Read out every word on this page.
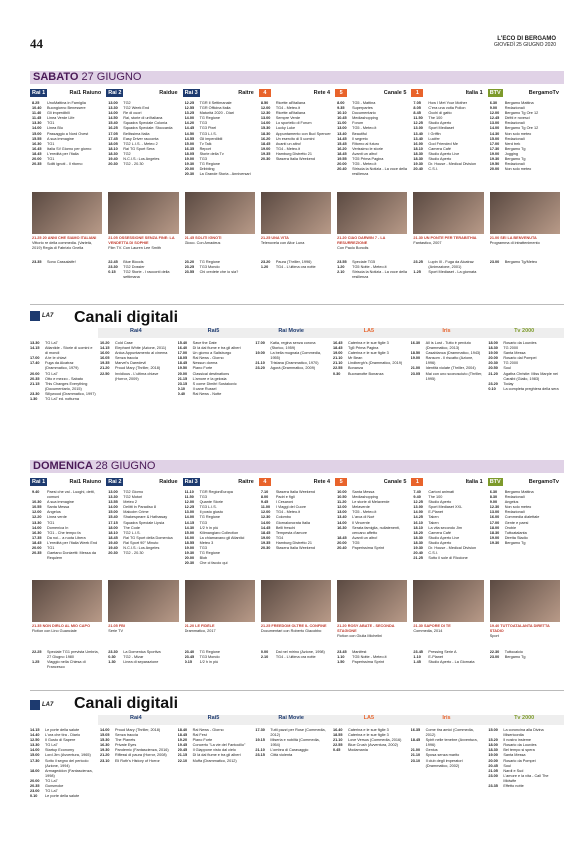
44	L'ECO DI BERGAMO
GIOVEDÌ 25 GIUGNO 2020
SABATO 27 GIUGNO
Rai 1	Rai1 Raiuno	Rai 2	Raidue	Rai 3	Raitre	4	Rete 4	5	Canale 5	1	Italia 1	BTV	BergamoTv
8.25	UnoMattina in Famiglia
10.40	Buongiorno Benessere
11.40	Gli imperdibili
11.45	Linea Verde Life
13.30	TG1
14.00	Linea Blu
15.00	Passaggio a Nord Ovest
15.55	A sua immagine
16.30	TG1
16.45	Italia Sì! Giorno per giorno
18.45	L'eredità per l'Italia
20.00	TG1
20.35	Soliti ignoti - Il ritorno
21.25 20 ANNI CHE SIAMO ITALIANI
Vittorio re della commedia. (Varietà, 2019) Regia di Fabrizio Gnella
23.35	Sono Cassalaife!
13.00	TG2
13.30	TG2 Week End
14.00	Re di cuori
14.50	Rai, storie di un'italiana
15.40	Squadra Speciale Colonia
16.25	Squadra Speciale: Stoccarda
17.05	Bellissima Italia
17.45	Easy Driver racconta
18.05	TG2 L.I.S. - Meteo 2
18.10	Rai TG Sport Sera
18.30	TG2
19.40	N.C.I.S.: Los Angeles
20.30	TG2 - 20.30
21.05 OSSESSIONE SENZA FINE: LA VENDETTA DI SOPHIE
Film TV. Con Lauren Lee Smith
22.45	Blue Bloods
23.30	TG2 Dossier
0.15	TG2 Storie - I racconti della settimana
12.25	TGR Il Settimanale
12.55	TGR Officina Italia
13.25	Maturità 2020 - Diari
14.00	TG Regione
14.20	TG3
14.45	TG3 Pixel
14.50	TG3 L.I.S.
14.55	Gli imperdibili
15.00	Tv Talk
16.35	Report
18.05	Storie della Tv
19.00	TG3
19.30	TG Regione
20.00	Dribbling
20.30	La Grande Storia - Anniversari
21.45 SOLITI IGNOTI
Gioco. Con Amadeus
23.20	TG Regione
23.25	TG3 Mondo
23.55	Chi credete che io sia?
8.50	Ricette all'italiana
12.00	TG4 - Meteo.it
12.30	Ricette all'italiana
13.00	Sempre Verde
14.00	Lo sportello di Forum
15.30	Lucky Luke
18.30	Appuntamento con Bud Spencer
16.20	Un esercito di 5 uomini
18.45	Avanti un altro!
19.00	TG4 - Meteo.it
19.35	Hamburg Distretto 21
20.30	Stasera Italia Weekend
21.25 UNA VITA
Telenovela con Aitor Luna
23.20	Paura (Thriller, 1996)
1.20	TG4 - L'ultima ora notte
8.00	TG5 - Mattina
9.35	Superpartes
10.10	Documentario
10.45	Mediashopping
11.00	Forum
13.00	TG5 - Meteo.it
13.40	Beautiful
14.45	Il segreto
15.45	Ritorno al futuro
16.20	Verissimo le storie
18.45	Avanti un altro!
19.55	TG5 Prima Pagina
20.00	TG5 - Meteo.it
20.40	Striscia la Notizia - La voce della resilienza
21.20 CIAO DARWIN 7 - LA RESURREZIONE
Con Paolo Bonolis
23.55	Speciale TG5
1.20	TG5 Notte - Meteo.it
2.10	Striscia la Notizia - La voce della resilienza
7.05	How I Met Your Mother
8.05	C'era una volta Pollon
8.45	Occhi di gatto
11.50	The 100
12.25	Studio Aperto
13.00	Sport Mediaset
13.40	I Griffin
13.40	Lucifer
16.00	God Friended Me
18.10	Camera Café
18.30	Studio Aperto Live
18.30	Studio Aperto
19.30	Dr. House - Medical Division
20.40	C.S.I.
21.30 UN PONTE PER TERABITHIA
Fantastico, 2007
23.25	Lupin III - Fuga da Alcatraz (Animazione, 2001)
1.25	Sport Mediaset - La giornata
6.30	Bergamo Mattina
9.00	Redazionali
12.00	Bergamo Tg Ore 12
12.45	Diritti e rovesci
13.00	Redazionali
14.00	Bergamo Tg Ore 12
14.30	Non solo meteo
15.00	Redazionali
17.00	Nerd trek
17.30	Bergamo Tg
19.00	Jogging
19.30	Bergamo Tg
19.50	Redazionali
20.00	Non solo meteo
21.00 SEI LA BENVENUTA
Programma di intrattenimento
23.00	Bergamo Tg/Meteo
LA7 Canali digitali
Rai4	Rai5	Rai Movie	LA5	Iris	Tv 2000
13.30	TG La7
14.15	Atlantide - Storie di uomini e di mondi
17.00	A te le chiavi
17.40	Fuga da Alcatraz (Drammatico, 1979)
20.00	TG La7
20.35	Otto e mezzo - Sabato
21.15	This Changes Everything (Documentario, 2015)
23.30	Sillywood (Drammatico, 1997)
1.30	TG La7 ed. notturna
10.20	Cold Case
14.15	Elephant White (Azione, 2011)
16.00	Anica Appuntamento al cinema
16.05	Senza traccia
19.35	Marvel's Daredevil
21.20	Proud Mary (Thriller, 2018)
22.50	Invidious - L'ultima chiave (Horror, 2009)
15.40	Save the Date
16.40	Di là dal fiume e tra gli alberi
17.00	Un giorno a Salisburgo
18.05	Rai News - Giorno
18.45	Nessun dorma
19.50	Piano Forte
20.00	Classical destinations
21.15	L'amore e la gelosia
23.15	S come Dimitri Sostakovic
0.10	Il cane Russel
0.40	Rai News - Notte
17.00	Katia, regina senza corona (Storico, 1959)
19.00	La bella mugnaia (Commedia, 1955)
21.10	Tristana (Drammatico, 1970)
23.20	Agorà (Drammatico, 2009)
16.45	Caterina e le sue figlie 3
18.45	Tg5 Prima Pagina
19.00	Caterina e le sue figlie 3
21.10	Mr Bean
21.10	Lindbergh's (Drammatico, 2019)
22.55	Bonanza
0.30	Buonanotte Bonanza
16.30	All is Lost - Tutto è perduto (Drammatico, 2013)
18.50	Casablanca (Drammatico, 1943)
19.00	Ransom - Il riscatto (Azione, 1996)
21.00	Identità violate (Thriller, 2004)
23.05	Mai con uno sconosciuto (Thriller, 1995)
18.00	Rosario da Lourdes
18.30	TG 2000
19.00	Santa Messa
20.00	Rosario dal Pompei
20.30	TG 2000
20.50	Soul
21.20	Agatha Christie: Miss Marple nei Caraibi (Giallo, 1983)
23.20	Today
0.10	La completa preghiera della sera
DOMENICA 28 GIUGNO
Rai 1	Rai1 Raiuno	Rai 2	Raidue	Rai 3	Raitre	4	Rete 4	5	Canale 5	1	Italia 1	BTV	BergamoTv
9.40	Paesi che vai - Luoghi, detti, comuni
10.30	A sua immagine
10.55	Santa Messa
12.00	Angelus
12.20	Linea verde
13.30	TG1
14.00	Domenica In
16.30	TG1 - Che tempo fa
17.35	Da noi... a ruota Libera
18.45	L'eredità per l'Italia Week End
20.00	TG1
20.35	Gaetano Donizetti: Messa da Requiem
21.35 NON DIRLO AL MIO CAPO
Fiction con Lino Guanciale
22.25	Speciale TG1 prevista Umbria, 27 Giugno 1980
1.25	Viaggio nella Chiesa di Francesco
13.00	TG2 Giorno
13.30	TG2 Motori
13.55	Meteo 2
14.00	Delitti in Paradiso 8
15.00	Malcolm Crime
15.40	Shakespeare & Hathaway
17.15	Squadra Speciale Lipsia
18.00	The Code
18.10	TG2 L.I.S.
18.45	Rai TG Sport della Domenica
19.40	Rai Sport 90° Minuto
19.40	N.C.I.S.: Los Angeles
20.30	TG2 - 20.30
21.05 FBI
Serie TV
23.30	La Domenica Sportiva
0.30	TG2 - Mizar
1.30	Linea di separazione
11.10	TGR RegionEuropa
11.50	TG3
12.00	Quante Storie
12.25	TG3 L.I.S.
13.00	Il posto giusto
14.00	TG Regione
14.15	TG3
14.30	1/2 h in più
15.00	Kilimangiaro Collection
16.00	La chiamavano gli Atlantici
18.55	Meteo 3
19.00	TG3
19.30	TG Regione
20.00	Blob
20.30	Che ci faccio qui
21.20 LE FIDÈLE
Drammatico, 2017
23.40	TG Regione
23.45	TG3 Mondo
0.15	1/2 h in più
7.10	Stasera Italia Weekend
8.00	Padri e figli
9.45	I Cesaroni
11.00	I Viaggi del Cuore
12.00	TG4 - Meteo.it
12.30	Colombo
14.00	Giornalonorata Italia
14.45	Belli freschi
18.45	Tempesta d'amore
19.00	TG4
19.35	Hamburg Distretto 21
20.30	Stasera Italia Weekend
21.25 FREEDOM OLTRE IL CONFINE
Documentari con Roberto Giacobbo
0.00	Dai nel mirino (Azione, 1998)
2.10	TG4 - L'ultima ora notte
10.00	Santa Messa
10.50	Mediashopping
11.20	Le storie di Melaverde
12.00	Melaverde
13.00	TG5 - Meteo.it
13.40	L'arca di Noè
14.00	Il Vincente
16.30	Serata famiglia, nullatenenti, cercano affetto
18.45	Avanti un altro!
20.00	TG5
20.40	Paperissima Sprint
21.20 ROSY ABATE - SECONDA STAGIONE
Fiction con Giulia Michelini
23.45	Manifest
1.10	TG5 Notte - Meteo.it
1.50	Paperissima Sprint
7.40	Cartoni animati
9.40	The 100
12.25	Studio Aperto
13.00	Sport Mediaset XXL
14.00	E-Planet
14.25	Taken
16.10	Taken
18.10	La vita secondo Jim
18.20	Camera Café
18.30	Studio Aperto Live
18.30	Studio Aperto
19.30	Dr. House - Medical Division
20.40	C.S.I.
21.25	Sotto il sole di Riccione
21.30 SAPORE DI TE
Commedia, 2014
23.45	Pressing Serie A
1.10	E-Planet
1.45	Studio Aperto - La Giornata
6.30	Bergamo Mattina
8.30	Redazionali
9.00	Angelus
12.30	Non solo meteo
13.00	Redazionali
16.00	Commedia dialettale
17.00	Gente e paesi
18.00	Orobie
18.30	Tuttoatalanta
19.00	Diretta Stadio
19.30	Bergamo Tg
19.40 TUTTOATALANTA DIRETTA STADIO
Sport
22.30	Tuttocalcio
23.00	Bergamo Tg
LA7 Canali digitali
Rai4	Rai5	Rai Movie	LA5	Iris	Tv 2000
14.15	Le porte della salute
14.40	L'ora che tira - Diario
12.50	Il Gusto di Sapere
13.30	TG La7
14.00	Startup Economy
15.00	Lord Jim (Avventura, 1965)
17.30	Sotto il segno del pericolo (Azione, 1994)
18.00	Armageddon (Fantascienza, 1998)
20.00	TG La7
20.35	Gunsmoke
23.00	TG La7
0.10	Le porte della salute
14.00	Proud Mary (Thriller, 2018)
15.05	Senza traccia
15.30	The Planets
16.30	Private Eyes
19.30	Pandemic (Fantascienza, 2016)
21.20	Riflessi di paura (Horror, 2008)
23.10	Eli Roth's History of Horror
18.40	Rai News - Giorno
18.45	Rai Fest
19.20	Piano Forte
19.45	Concerto "La vie del Fantocilio"
20.45	Il Giappone visto dal cielo
21.15	Di là dal fiume e tra gli alberi
22.10	Muffa (Drammatico, 2012)
17.30	Tutti pazzi per Rose (Commedia, 2012)
19.15	Miseria e nobiltà (Commedia, 1954)
21.10	L'ombra di Caravaggio
23.15	Città violenta
16.40	Caterina e le sue figlie 3
18.55	Caterina e le sue figlie 3
21.10	Love Versus (Commedia, 2016)
22.55	Blue Crush (Avventura, 2002)
0.45	Modamania
16.35	Come tira amici (Commedia, 2012)
18.45	Spirit nelle tenebre (Avventura, 1996)
21.00	Genius
21.10	Sposa senza marito
23.10	Il club degli imperatori (Drammatico, 2002)
15.00	La coroncina alla Divina Misericordia
15.20	Il nostro insieme
18.00	Rosario da Lourdes
18.30	Bel tempo si spera
19.00	Santa Messa
20.00	Rosario da Pompei
20.45	Soul
21.05	Nardi e Sud
23.00	L'amore e la vita - Call The Midwife
23.35	Effetto notte
